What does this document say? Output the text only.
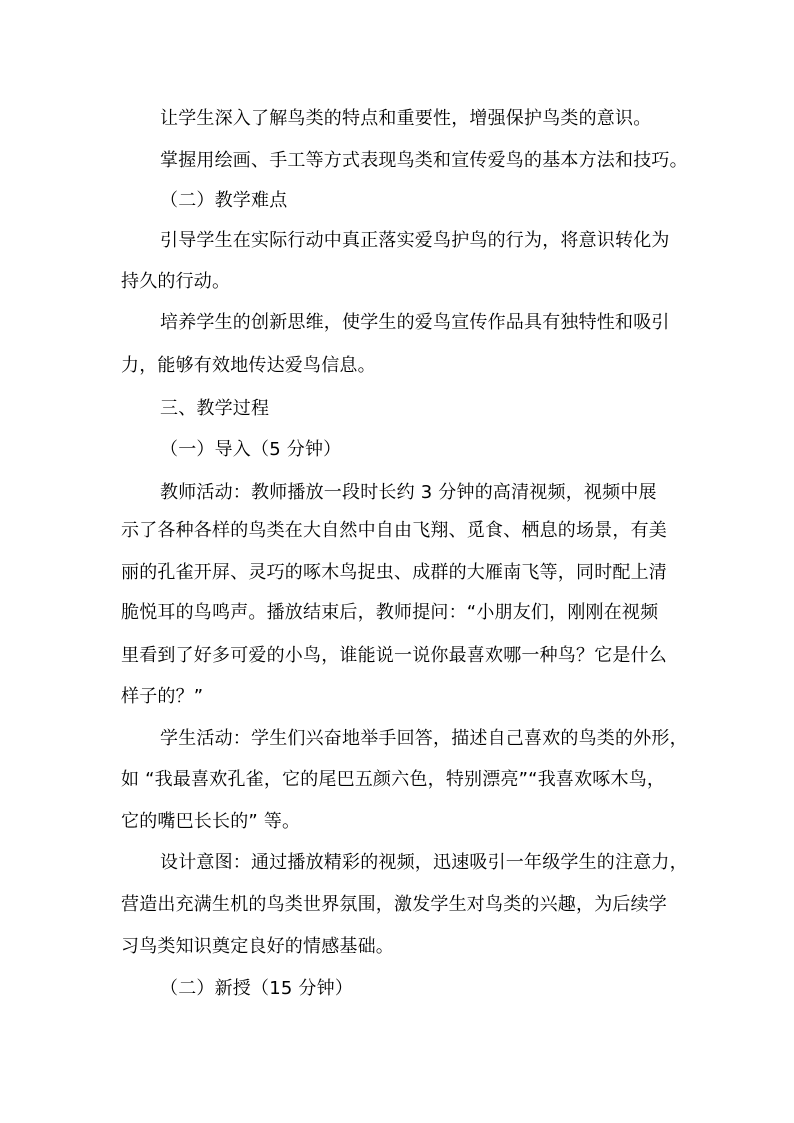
让学生深入了解鸟类的特点和重要性，增强保护鸟类的意识。
掌握用绘画、手工等方式表现鸟类和宣传爱鸟的基本方法和技巧。
（二）教学难点
引导学生在实际行动中真正落实爱鸟护鸟的行为，将意识转化为
持久的行动。
培养学生的创新思维，使学生的爱鸟宣传作品具有独特性和吸引
力，能够有效地传达爱鸟信息。
三、教学过程
（一）导入（5 分钟）
教师活动：教师播放一段时长约 3 分钟的高清视频，视频中展
示了各种各样的鸟类在大自然中自由飞翔、觅食、栖息的场景，有美
丽的孔雀开屏、灵巧的啄木鸟捉虫、成群的大雁南飞等，同时配上清
脆悦耳的鸟鸣声。播放结束后，教师提问：“小朋友们，刚刚在视频
里看到了好多可爱的小鸟，谁能说一说你最喜欢哪一种鸟？它是什么
样子的？”
学生活动：学生们兴奋地举手回答，描述自己喜欢的鸟类的外形，
如 “我最喜欢孔雀，它的尾巴五颜六色，特别漂亮”“我喜欢啄木鸟，
它的嘴巴长长的” 等。
设计意图：通过播放精彩的视频，迅速吸引一年级学生的注意力，
营造出充满生机的鸟类世界氛围，激发学生对鸟类的兴趣，为后续学
习鸟类知识奠定良好的情感基础。
（二）新授（15 分钟）
